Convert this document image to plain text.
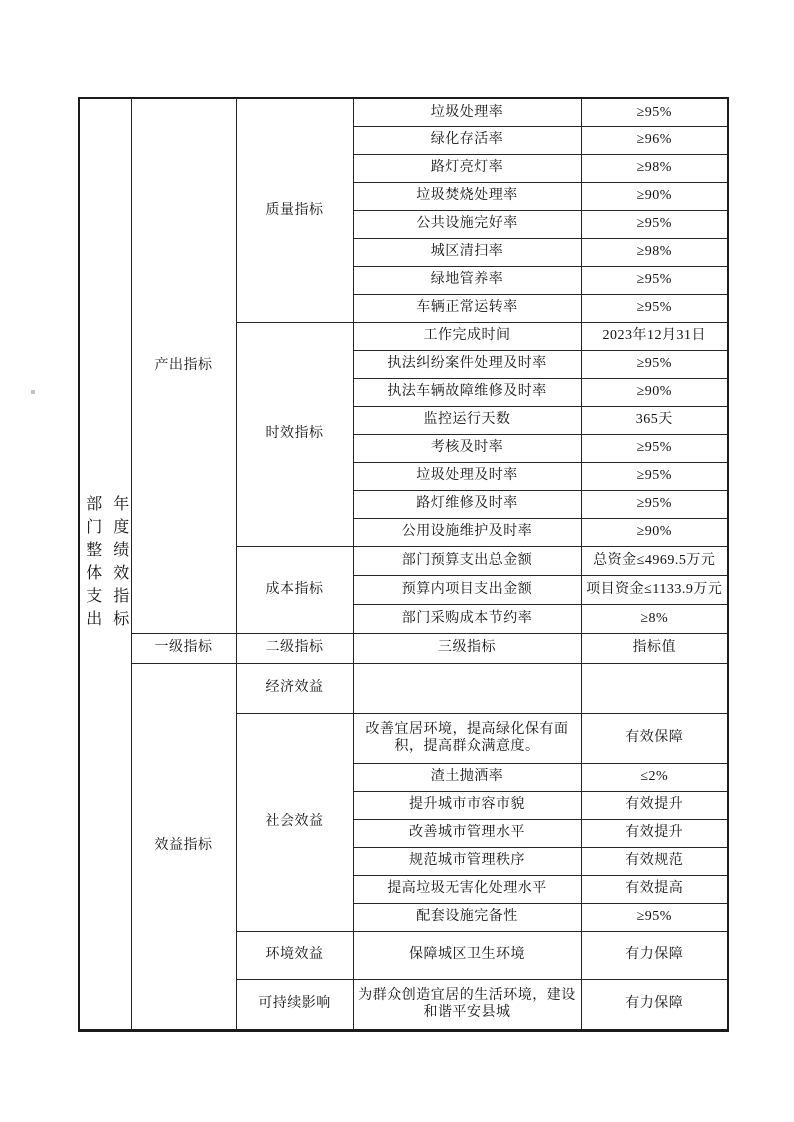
部门整体支出 年度绩效指标	产出指标	质量指标	垃圾处理率	≥95%
			绿化存活率	≥96%
			路灯亮灯率	≥98%
			垃圾焚烧处理率	≥90%
			公共设施完好率	≥95%
			城区清扫率	≥98%
			绿地管养率	≥95%
			车辆正常运转率	≥95%
		时效指标	工作完成时间	2023年12月31日
			执法纠纷案件处理及时率	≥95%
			执法车辆故障维修及时率	≥90%
			监控运行天数	365天
			考核及时率	≥95%
			垃圾处理及时率	≥95%
			路灯维修及时率	≥95%
			公用设施维护及时率	≥90%
		成本指标	部门预算支出总金额	总资金≤4969.5万元
			预算内项目支出金额	项目资金≤1133.9万元
			部门采购成本节约率	≥8%
	一级指标	二级指标	三级指标	指标值
	效益指标	经济效益		
		社会效益	改善宜居环境，提高绿化保有面积，提高群众满意度。	有效保障
			渣土抛洒率	≤2%
			提升城市市容市貌	有效提升
			改善城市管理水平	有效提升
			规范城市管理秩序	有效规范
			提高垃圾无害化处理水平	有效提高
			配套设施完备性	≥95%
		环境效益	保障城区卫生环境	有力保障
		可持续影响	为群众创造宜居的生活环境，建设和谐平安县城	有力保障
